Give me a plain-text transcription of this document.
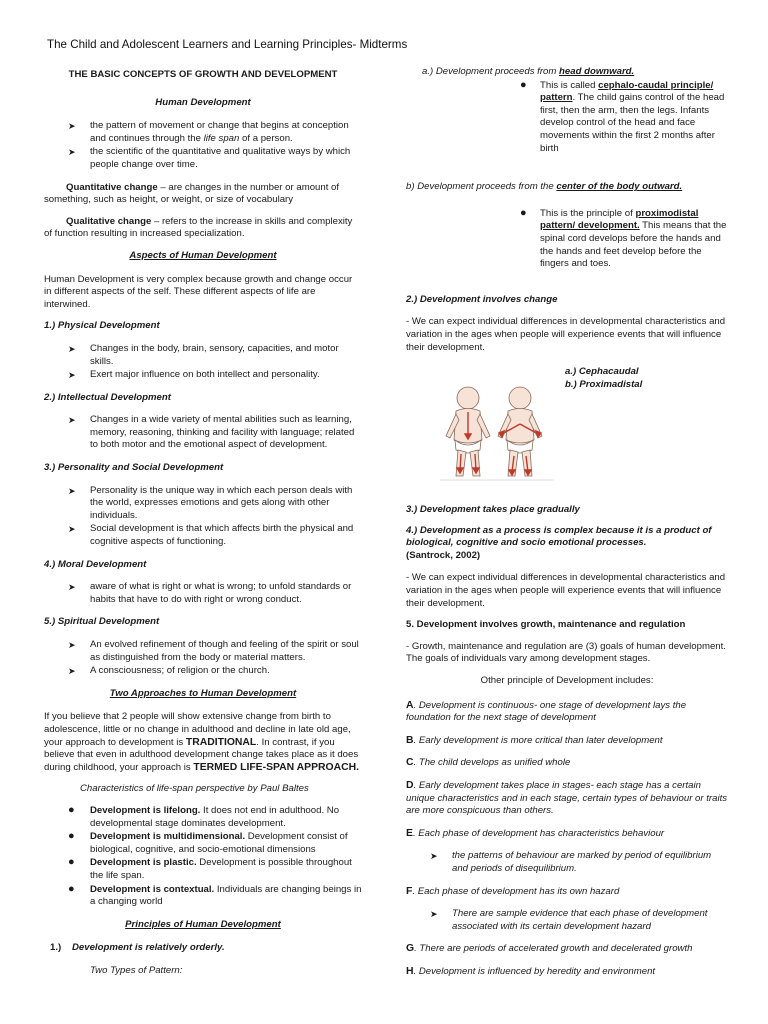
The Child and Adolescent Learners and Learning Principles- Midterms
THE BASIC CONCEPTS OF GROWTH AND DEVELOPMENT
Human Development
➤ the pattern of movement or change that begins at conception and continues through the life span of a person.
➤ the scientific of the quantitative and qualitative ways by which people change over time.

Quantitative change – are changes in the number or amount of something, such as height, or weight, or size of vocabulary

Qualitative change – refers to the increase in skills and complexity of function resulting in increased specialization.

Aspects of Human Development

Human Development is very complex because growth and change occur in different aspects of the self. These different aspects of life are interwined.

1.) Physical Development
➤ Changes in the body, brain, sensory, capacities, and motor skills.
➤ Exert major influence on both intellect and personality.
2.) Intellectual Development
➤ Changes in a wide variety of mental abilities such as learning, memory, reasoning, thinking and facility with language; related to both motor and the emotional aspect of development.
3.) Personality and Social Development
➤ Personality is the unique way in which each person deals with the world, expresses emotions and gets along with other individuals.
➤ Social development is that which affects birth the physical and cognitive aspects of functioning.
4.) Moral Development
➤ aware of what is right or what is wrong; to unfold standards or habits that have to do with right or wrong conduct.
5.) Spiritual Development
➤ An evolved refinement of though and feeling of the spirit or soul as distinguished from the body or material matters.
➤ A consciousness; of religion or the church.
Two Approaches to Human Development

If you believe that 2 people will show extensive change from birth to adolescence, little or no change in adulthood and decline in late old age, your approach to development is TRADITIONAL. In contrast, if you believe that even in adulthood development change takes place as it does during childhood, your approach is TERMED LIFE-SPAN APPROACH.

Characteristics of life-span perspective by Paul Baltes

● Development is lifelong. It does not end in adulthood. No developmental stage dominates development.
● Development is multidimensional. Development consist of biological, cognitive, and socio-emotional dimensions
● Development is plastic. Development is possible throughout the life span.
● Development is contextual. Individuals are changing beings in a changing world
Principles of Human Development
1.) Development is relatively orderly.

Two Types of Pattern:

a.) Development proceeds from head downward.

● This is called cephalo-caudal principle/ pattern. The child gains control of the head first, then the arm, then the legs. Infants develop control of the head and face movements within the first 2 months after birth

b) Development proceeds from the center of the body outward.

● This is the principle of proximodistal pattern/ development. This means that the spinal cord develops before the hands and the hands and feet develop before the fingers and toes.
2.) Development involves change

- We can expect individual differences in developmental characteristics and variation in the ages when people will experience events that will influence their development.

3.) Development takes place gradually
4.) Development as a process is complex because it is a product of biological, cognitive and socio emotional processes.
(Santrock, 2002)

- We can expect individual differences in developmental characteristics and variation in the ages when people will experience events that will influence their development.

5. Development involves growth, maintenance and regulation

- Growth, maintenance and regulation are (3) goals of human development. The goals of individuals vary among development stages.

Other principle of Development includes:

A. Development is continuous- one stage of development lays the foundation for the next stage of development

B. Early development is more critical than later development

C. The child develops as unified whole

D. Early development takes place in stages- each stage has a certain unique characteristics and in each stage, certain types of behaviour or traits are more conspicuous than others.

E. Each phase of development has characteristics behaviour

➤ the patterns of behaviour are marked by period of equilibrium and periods of disequilibrium.

F. Each phase of development has its own hazard

➤ There are sample evidence that each phase of development associated with its certain development hazard

G. There are periods of accelerated growth and decelerated growth

H. Development is influenced by heredity and environment

a.) Cephacaudal
b.) Proximadistal
